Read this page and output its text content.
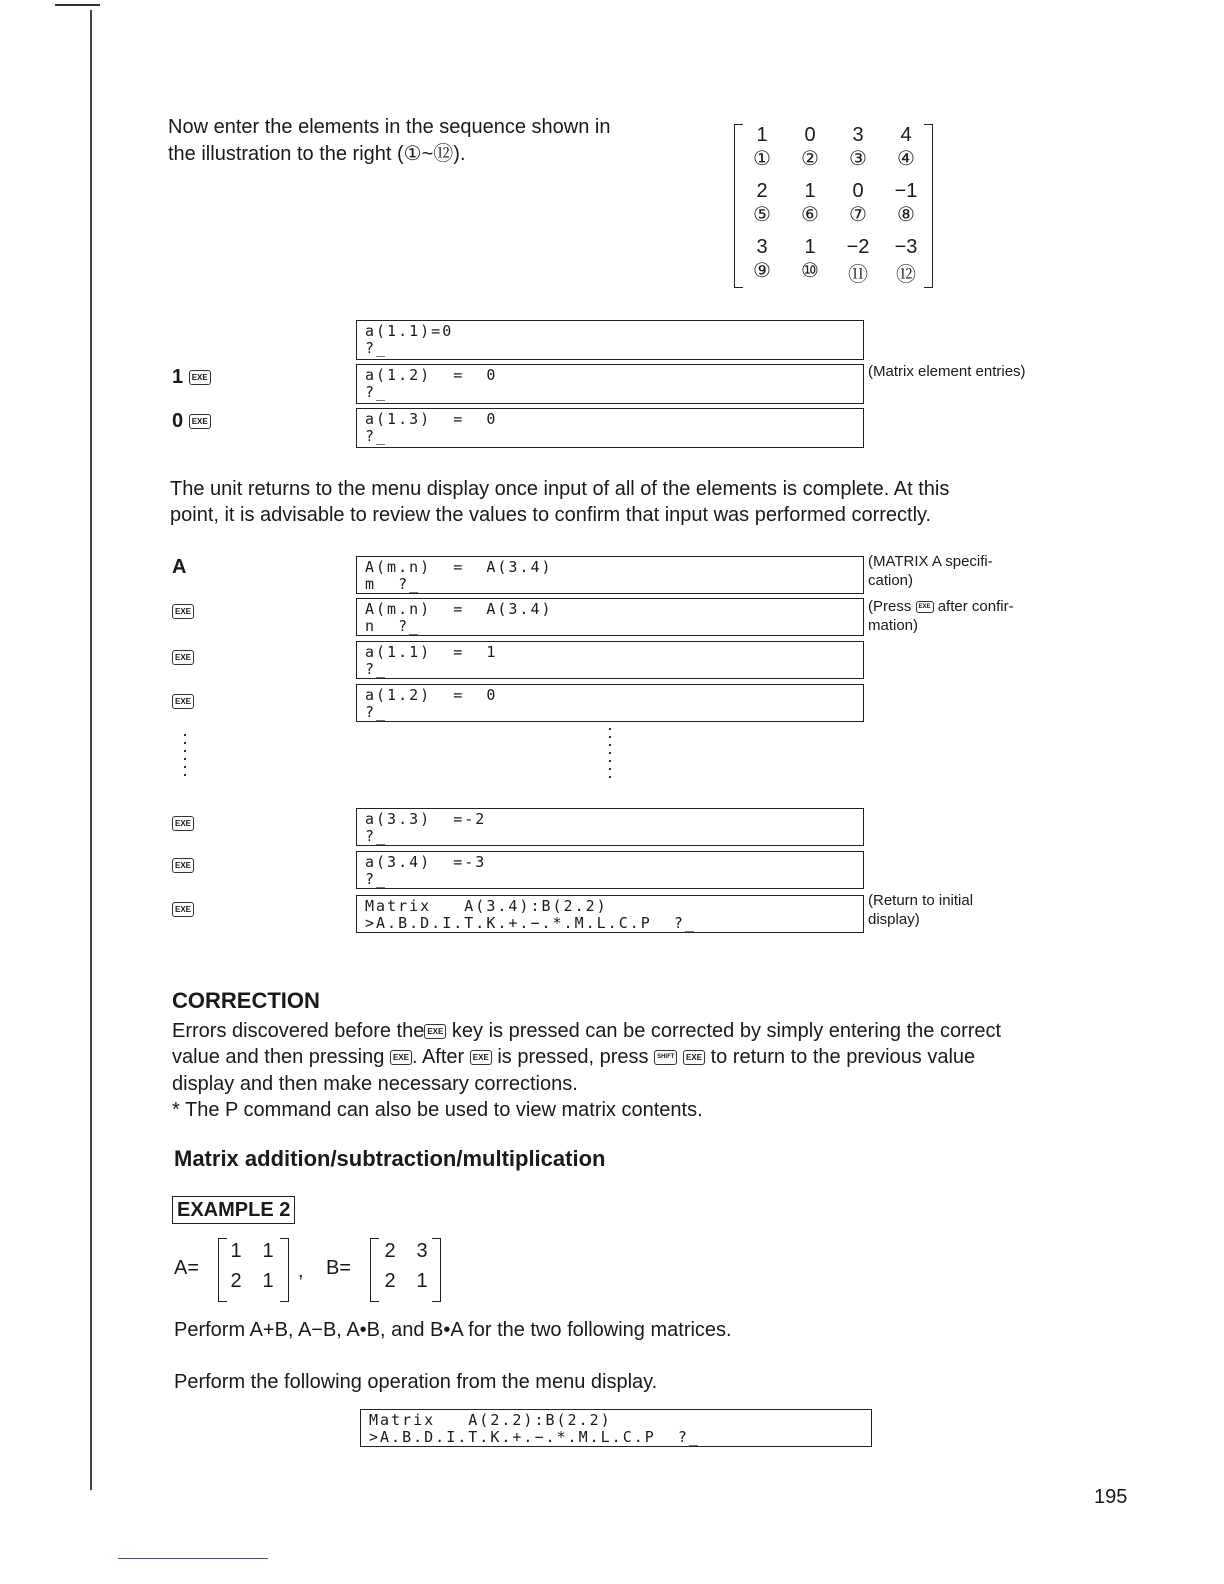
Now enter the elements in the sequence shown in
the illustration to the right (①~⑫).
1	0	3	4
① ② ③ ④
2	1	0	−1
⑤ ⑥ ⑦ ⑧
3	1	−2	−3
⑨ ⑩ ⑪ ⑫
a(1.1)=0
?_
1 EXE	a(1.2)  =  0
?_
(Matrix element entries)
0 EXE	a(1.3)  =  0
?_
The unit returns to the menu display once input of all of the elements is complete. At this
point, it is advisable to review the values to confirm that input was performed correctly.
A	A(m.n)  =  A(3.4)
m  ?_
(MATRIX A specifi-
cation)
EXE	A(m.n)  =  A(3.4)
n  ?_
(Press EXE after confir-
mation)
EXE	a(1.1)  =  1
?_
EXE	a(1.2)  =  0
?_
EXE	a(3.3)  =-2
?_
EXE	a(3.4)  =-3
?_
EXE	Matrix   A(3.4):B(2.2)
>A.B.D.I.T.K.+.−.*.M.L.C.P  ?_
(Return to initial
display)
CORRECTION
Errors discovered before the EXE key is pressed can be corrected by simply entering the correct
value and then pressing EXE . After EXE is pressed, press SHIFT EXE to return to the previous value
display and then make necessary corrections.
* The P command can also be used to view matrix contents.
Matrix addition/subtraction/multiplication
EXAMPLE 2
A=
1 1
2 1 , B=
2 3
2 1
Perform A+B, A−B, A•B, and B•A for the two following matrices.
Perform the following operation from the menu display.
Matrix   A(2.2):B(2.2)
>A.B.D.I.T.K.+.−.*.M.L.C.P  ?_
195
